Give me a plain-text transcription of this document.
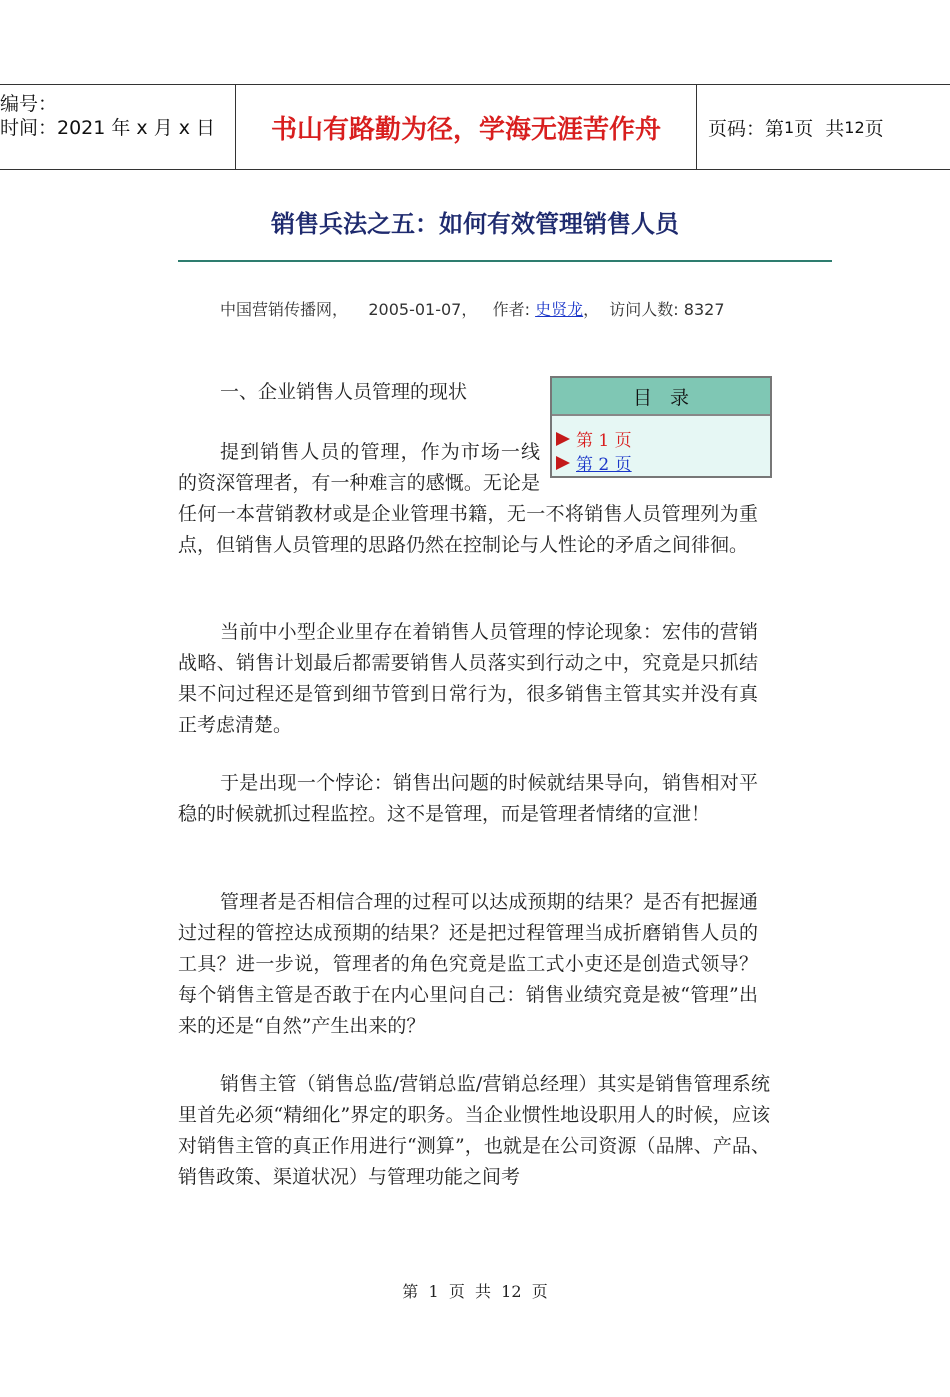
编号：
时间：2021 年 x 月 x 日	书山有路勤为径，学海无涯苦作舟	页码：第 1 页  共 12 页
销售兵法之五：如何有效管理销售人员
中国营销传播网， 2005-01-07， 作者: 史贤龙，  访问人数: 8327
一、企业销售人员管理的现状	目录
第 1 页
第 2 页
提到销售人员的管理，作为市场一线的资深管理者，有一种难言的感慨。无论是任何一本营销教材或是企业管理书籍，无一不将销售人员管理列为重点，但销售人员管理的思路仍然在控制论与人性论的矛盾之间徘徊。
当前中小型企业里存在着销售人员管理的悖论现象：宏伟的营销战略、销售计划最后都需要销售人员落实到行动之中，究竟是只抓结果不问过程还是管到细节管到日常行为，很多销售主管其实并没有真正考虑清楚。
于是出现一个悖论：销售出问题的时候就结果导向，销售相对平稳的时候就抓过程监控。这不是管理，而是管理者情绪的宣泄！
管理者是否相信合理的过程可以达成预期的结果？是否有把握通过过程的管控达成预期的结果？还是把过程管理当成折磨销售人员的工具？进一步说，管理者的角色究竟是监工式小吏还是创造式领导？每个销售主管是否敢于在内心里问自己：销售业绩究竟是被“管理”出来的还是“自然”产生出来的？
销售主管（销售总监/营销总监/营销总经理）其实是销售管理系统里首先必须“精细化”界定的职务。当企业惯性地设职用人的时候，应该对销售主管的真正作用进行“测算”，也就是在公司资源（品牌、产品、销售政策、渠道状况）与管理功能之间考
第  1  页  共  12  页
